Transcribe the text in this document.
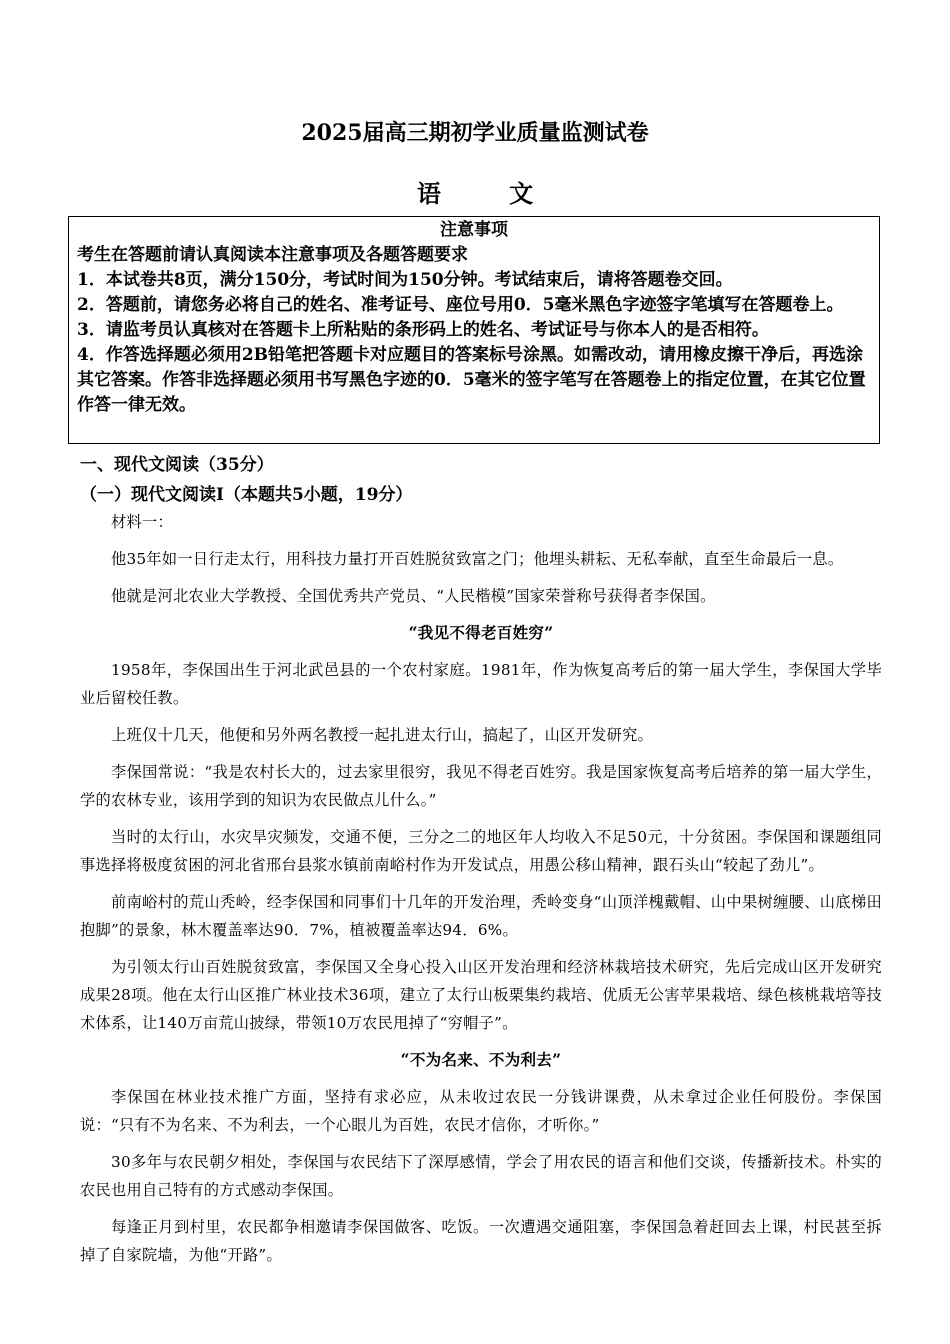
2025届高三期初学业质量监测试卷
语 文
注意事项

考生在答题前请认真阅读本注意事项及各题答题要求

1．本试卷共8页，满分150分，考试时间为150分钟。考试结束后，请将答题卷交回。

2．答题前，请您务必将自己的姓名、准考证号、座位号用0．5毫米黑色字迹签字笔填写在答题卷上。

3．请监考员认真核对在答题卡上所粘贴的条形码上的姓名、考试证号与你本人的是否相符。

4．作答选择题必须用2B铅笔把答题卡对应题目的答案标号涂黑。如需改动，请用橡皮擦干净后，再选涂其它答案。作答非选择题必须用书写黑色字迹的0．5毫米的签字笔写在答题卷上的指定位置，在其它位置作答一律无效。

一、现代文阅读（35分）
（一）现代文阅读Ⅰ（本题共5小题，19分）

材料一：

他35年如一日行走太行，用科技力量打开百姓脱贫致富之门；他埋头耕耘、无私奉献，直至生命最后一息。

他就是河北农业大学教授、全国优秀共产党员、“人民楷模”国家荣誉称号获得者李保国。

“我见不得老百姓穷”

1958年，李保国出生于河北武邑县的一个农村家庭。1981年，作为恢复高考后的第一届大学生，李保国大学毕业后留校任教。

上班仅十几天，他便和另外两名教授一起扎进太行山，搞起了，山区开发研究。

李保国常说：“我是农村长大的，过去家里很穷，我见不得老百姓穷。我是国家恢复高考后培养的第一届大学生，学的农林专业，该用学到的知识为农民做点儿什么。”

当时的太行山，水灾旱灾频发，交通不便，三分之二的地区年人均收入不足50元，十分贫困。李保国和课题组同事选择将极度贫困的河北省邢台县浆水镇前南峪村作为开发试点，用愚公移山精神，跟石头山“较起了劲儿”。

前南峪村的荒山秃岭，经李保国和同事们十几年的开发治理，秃岭变身“山顶洋槐戴帽、山中果树缠腰、山底梯田抱脚”的景象，林木覆盖率达90．7%，植被覆盖率达94．6%。

为引领太行山百姓脱贫致富，李保国又全身心投入山区开发治理和经济林栽培技术研究，先后完成山区开发研究成果28项。他在太行山区推广林业技术36项，建立了太行山板栗集约栽培、优质无公害苹果栽培、绿色核桃栽培等技术体系，让140万亩荒山披绿，带领10万农民甩掉了“穷帽子”。

“不为名来、不为利去”

李保国在林业技术推广方面，坚持有求必应，从未收过农民一分钱讲课费，从未拿过企业任何股份。李保国说：“只有不为名来、不为利去，一个心眼儿为百姓，农民才信你，才听你。”

30多年与农民朝夕相处，李保国与农民结下了深厚感情，学会了用农民的语言和他们交谈，传播新技术。朴实的农民也用自己特有的方式感动李保国。

每逢正月到村里，农民都争相邀请李保国做客、吃饭。一次遭遇交通阻塞，李保国急着赶回去上课，村民甚至拆掉了自家院墙，为他“开路”。
